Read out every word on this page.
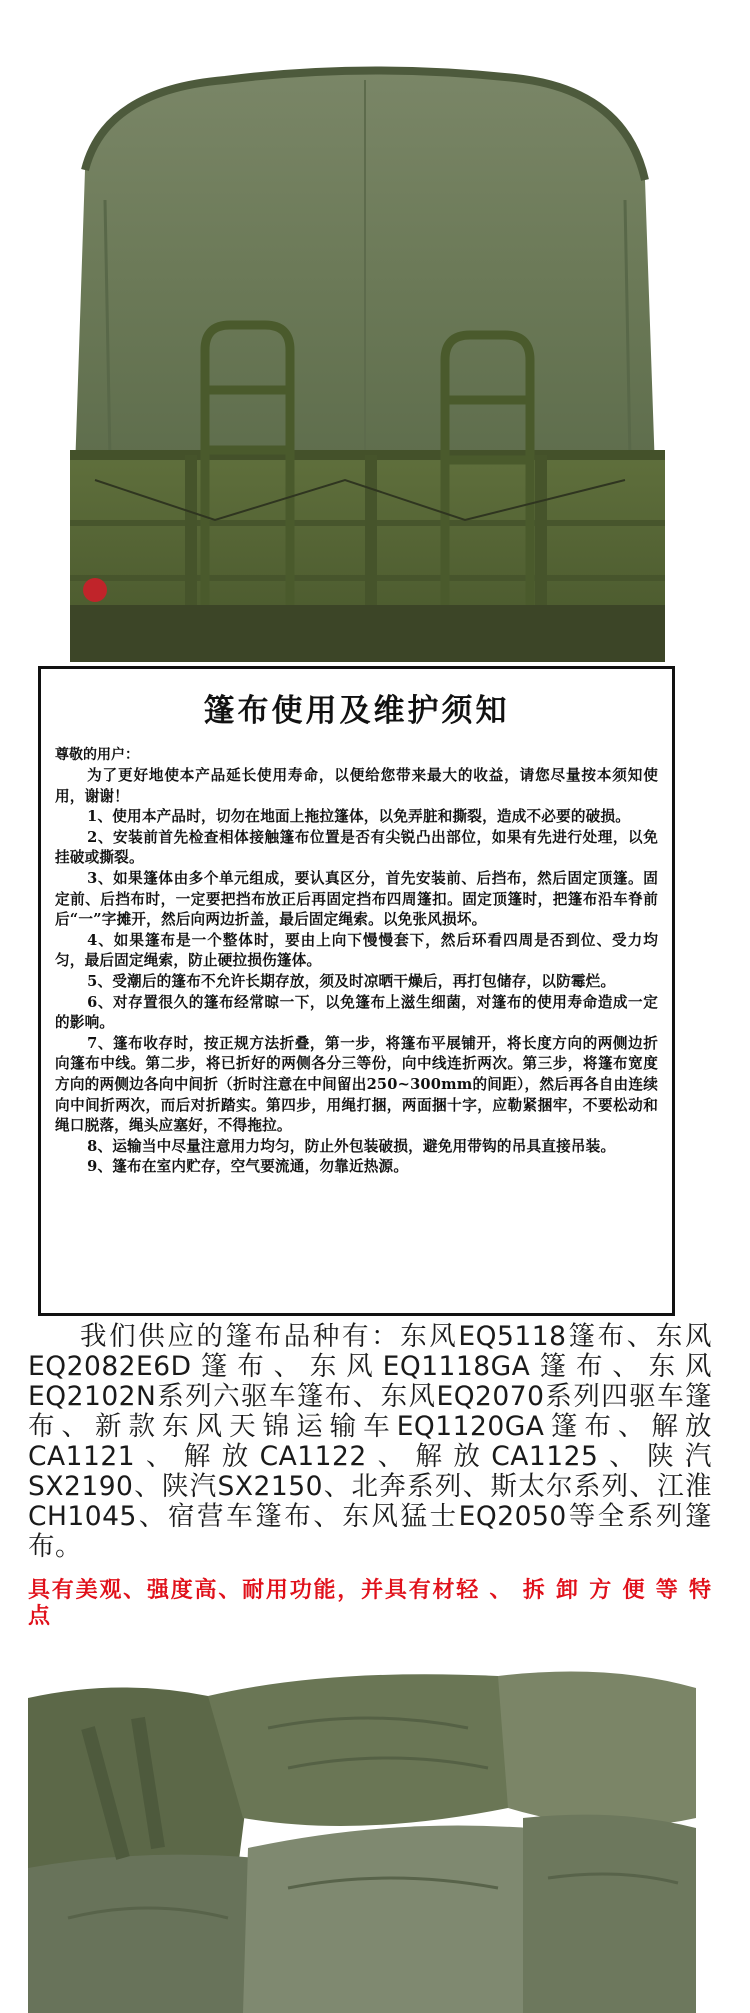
篷布使用及维护须知

尊敬的用户：

为了更好地使本产品延长使用寿命，以便给您带来最大的收益，请您尽量按本须知使用，谢谢！

1、使用本产品时，切勿在地面上拖拉篷体，以免弄脏和撕裂，造成不必要的破损。

2、安装前首先检查相体接触篷布位置是否有尖锐凸出部位，如果有先进行处理，以免挂破或撕裂。

3、如果篷体由多个单元组成，要认真区分，首先安装前、后挡布，然后固定顶篷。固定前、后挡布时，一定要把挡布放正后再固定挡布四周篷扣。固定顶篷时，把篷布沿车脊前后“一”字摊开，然后向两边折盖，最后固定绳索。以免张风损坏。

4、如果篷布是一个整体时，要由上向下慢慢套下，然后环看四周是否到位、受力均匀，最后固定绳索，防止硬拉损伤篷体。

5、受潮后的篷布不允许长期存放，须及时凉晒干燥后，再打包储存，以防霉烂。

6、对存置很久的篷布经常晾一下，以免篷布上滋生细菌，对篷布的使用寿命造成一定的影响。

7、篷布收存时，按正规方法折叠，第一步，将篷布平展铺开，将长度方向的两侧边折向篷布中线。第二步，将已折好的两侧各分三等份，向中线连折两次。第三步，将篷布宽度方向的两侧边各向中间折（折时注意在中间留出250~300mm的间距），然后再各自由连续向中间折两次，而后对折踏实。第四步，用绳打捆，两面捆十字，应勒紧捆牢，不要松动和绳口脱落，绳头应塞好，不得拖拉。

8、运输当中尽量注意用力均匀，防止外包装破损，避免用带钩的吊具直接吊装。

9、篷布在室内贮存，空气要流通，勿靠近热源。

我们供应的篷布品种有：东风EQ5118篷布、东风EQ2082E6D篷布、东风EQ1118GA篷布、东风EQ2102N系列六驱车篷布、东风EQ2070系列四驱车篷布、新款东风天锦运输车EQ1120GA篷布、解放CA1121、解放CA1122、解放CA1125、陕汽SX2190、陕汽SX2150、北奔系列、斯太尔系列、江淮CH1045、宿营车篷布、东风猛士EQ2050等全系列篷布。

具有美观、强度高、耐用功能，并具有材轻 、 拆 卸 方 便 等 特 点
